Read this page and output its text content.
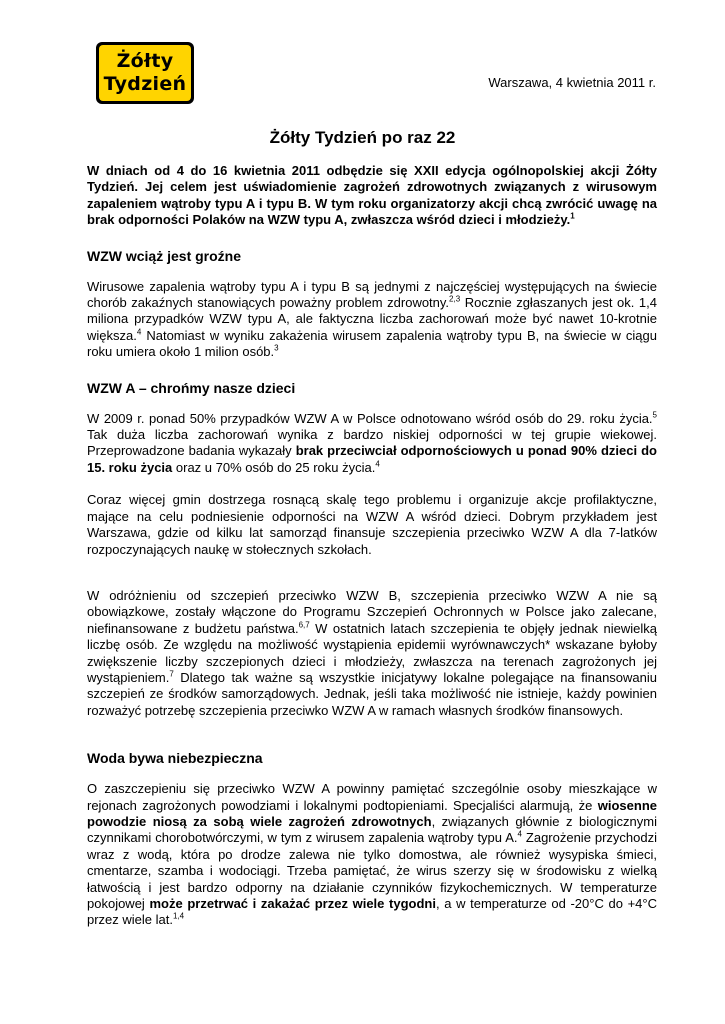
Żółty
Tydzień	Warszawa, 4 kwietnia 2011 r.
Żółty Tydzień po raz 22

W dniach od 4 do 16 kwietnia 2011 odbędzie się XXII edycja ogólnopolskiej akcji Żółty Tydzień. Jej celem jest uświadomienie zagrożeń zdrowotnych związanych z wirusowym zapaleniem wątroby typu A i typu B. W tym roku organizatorzy akcji chcą zwrócić uwagę na brak odporności Polaków na WZW typu A, zwłaszcza wśród dzieci i młodzieży.$^1$

WZW wciąż jest groźne

Wirusowe zapalenia wątroby typu A i typu B są jednymi z najczęściej występujących na świecie chorób zakaźnych stanowiących poważny problem zdrowotny.$^{2,3}$ Rocznie zgłaszanych jest ok. 1,4 miliona przypadków WZW typu A, ale faktyczna liczba zachorowań może być nawet 10-krotnie większa.$^4$ Natomiast w wyniku zakażenia wirusem zapalenia wątroby typu B, na świecie w ciągu roku umiera około 1 milion osób.$^3$

WZW A – chrońmy nasze dzieci

W 2009 r. ponad 50% przypadków WZW A w Polsce odnotowano wśród osób do 29. roku życia.$^5$ Tak duża liczba zachorowań wynika z bardzo niskiej odporności w tej grupie wiekowej. Przeprowadzone badania wykazały brak przeciwciał odpornościowych u ponad 90% dzieci do 15. roku życia oraz u 70% osób do 25 roku życia.$^4$

Coraz więcej gmin dostrzega rosnącą skalę tego problemu i organizuje akcje profilaktyczne, mające na celu podniesienie odporności na WZW A wśród dzieci. Dobrym przykładem jest Warszawa, gdzie od kilku lat samorząd finansuje szczepienia przeciwko WZW A dla 7-latków rozpoczynających naukę w stołecznych szkołach.

W odróżnieniu od szczepień przeciwko WZW B, szczepienia przeciwko WZW A nie są obowiązkowe, zostały włączone do Programu Szczepień Ochronnych w Polsce jako zalecane, niefinansowane z budżetu państwa.$^{6,7}$ W ostatnich latach szczepienia te objęły jednak niewielką liczbę osób. Ze względu na możliwość wystąpienia epidemii wyrównawczych* wskazane byłoby zwiększenie liczby szczepionych dzieci i młodzieży, zwłaszcza na terenach zagrożonych jej wystąpieniem.$^7$ Dlatego tak ważne są wszystkie inicjatywy lokalne polegające na finansowaniu szczepień ze środków samorządowych. Jednak, jeśli taka możliwość nie istnieje, każdy powinien rozważyć potrzebę szczepienia przeciwko WZW A w ramach własnych środków finansowych.

Woda bywa niebezpieczna

O zaszczepieniu się przeciwko WZW A powinny pamiętać szczególnie osoby mieszkające w rejonach zagrożonych powodziami i lokalnymi podtopieniami. Specjaliści alarmują, że wiosenne powodzie niosą za sobą wiele zagrożeń zdrowotnych, związanych głównie z biologicznymi czynnikami chorobotwórczymi, w tym z wirusem zapalenia wątroby typu A.$^4$ Zagrożenie przychodzi wraz z wodą, która po drodze zalewa nie tylko domostwa, ale również wysypiska śmieci, cmentarze, szamba i wodociągi. Trzeba pamiętać, że wirus szerzy się w środowisku z wielką łatwością i jest bardzo odporny na działanie czynników fizykochemicznych. W temperaturze pokojowej może przetrwać i zakażać przez wiele tygodni, a w temperaturze od -20°C do +4°C przez wiele lat.$^{1,4}$
